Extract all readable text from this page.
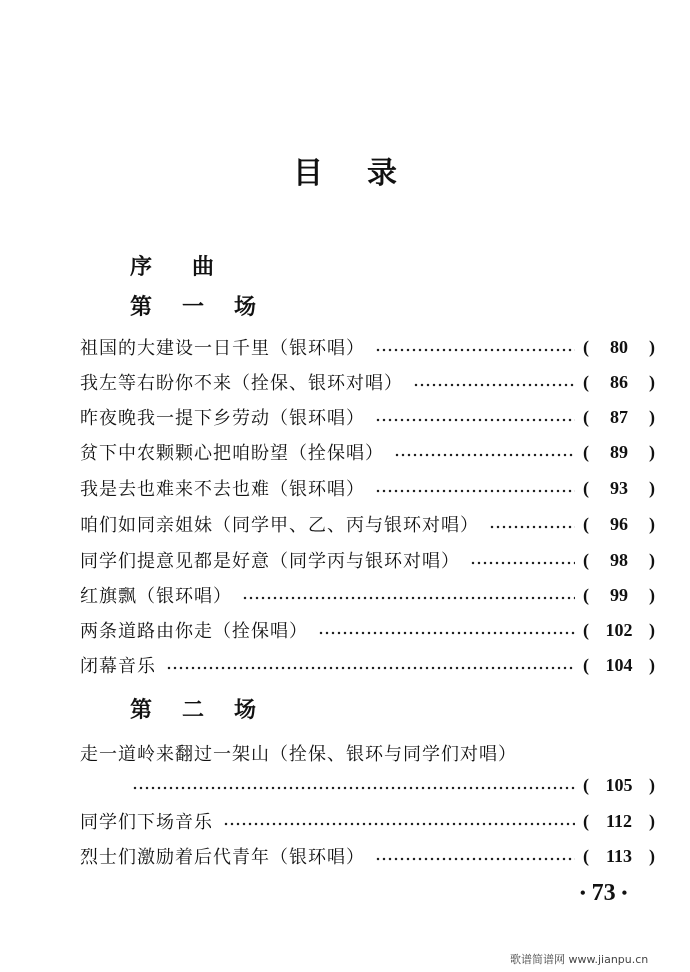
目 录
序 曲
第 一 场
祖国的大建设一日千里（银环唱）	(	80	)
我左等右盼你不来（拴保、银环对唱）	(	86	)
昨夜晚我一提下乡劳动（银环唱）	(	87	)
贫下中农颗颗心把咱盼望（拴保唱）	(	89	)
我是去也难来不去也难（银环唱）	(	93	)
咱们如同亲姐妹（同学甲、乙、丙与银环对唱）	(	96	)
同学们提意见都是好意（同学丙与银环对唱）	(	98	)
红旗飘（银环唱）	(	99	)
两条道路由你走（拴保唱）	( 102 )
闭幕音乐	( 104 )
第 二 场
走一道岭来翻过一架山（拴保、银环与同学们对唱）
( 105 )
同学们下场音乐	( 112 )
烈士们激励着后代青年（银环唱）	( 113 )
• 73 •
歌谱简谱网 www.jianpu.cn
